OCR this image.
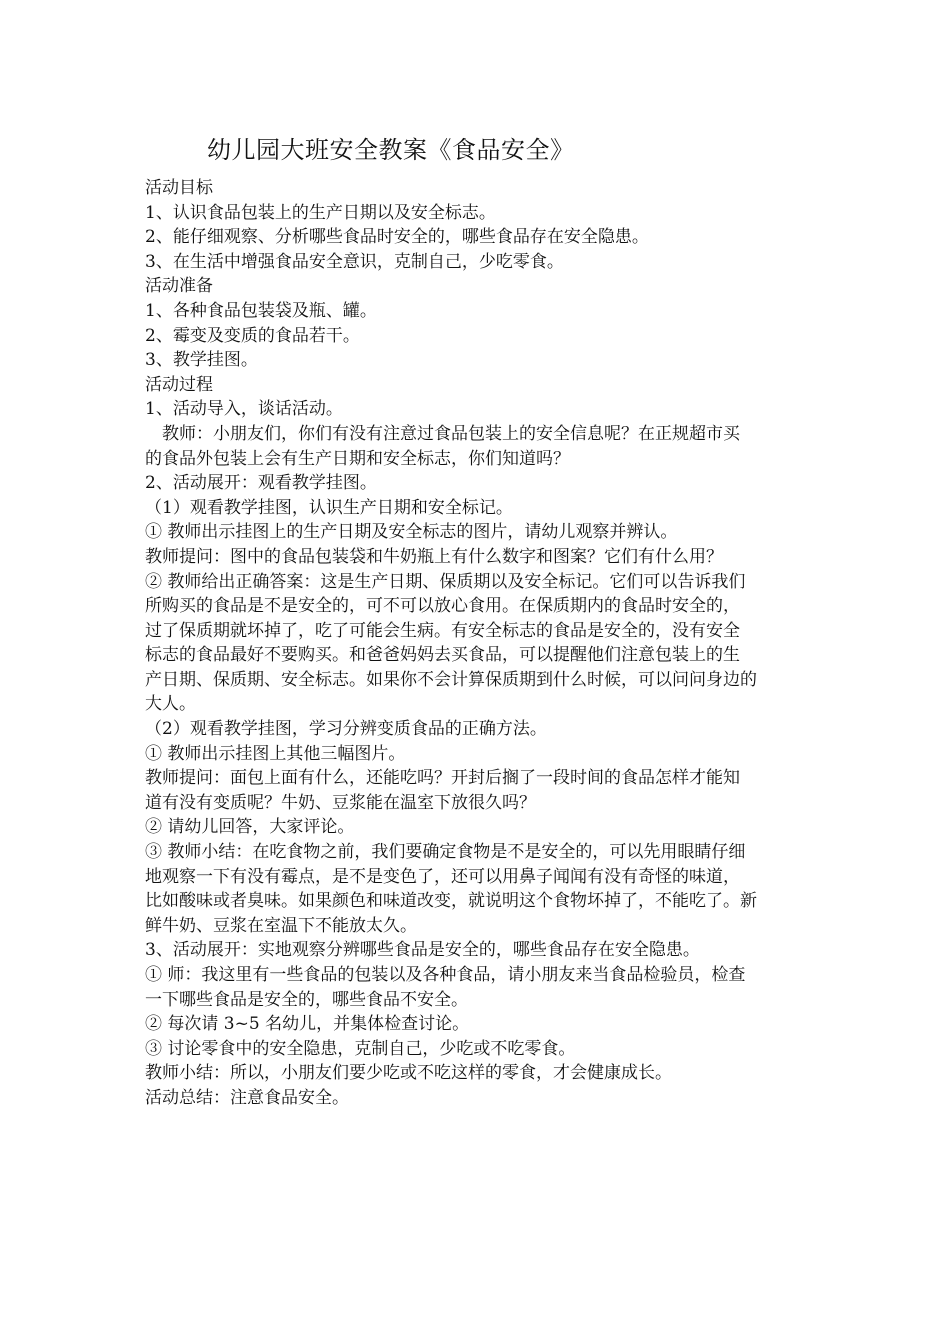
幼儿园大班安全教案《食品安全》
活动目标
1、认识食品包装上的生产日期以及安全标志。
2、能仔细观察、分析哪些食品时安全的，哪些食品存在安全隐患。
3、在生活中增强食品安全意识，克制自己，少吃零食。
活动准备
1、各种食品包装袋及瓶、罐。
2、霉变及变质的食品若干。
3、教学挂图。
活动过程
1、活动导入，谈话活动。
　教师：小朋友们，你们有没有注意过食品包装上的安全信息呢？在正规超市买
的食品外包装上会有生产日期和安全标志，你们知道吗？
2、活动展开：观看教学挂图。
（1）观看教学挂图，认识生产日期和安全标记。
① 教师出示挂图上的生产日期及安全标志的图片，请幼儿观察并辨认。
教师提问：图中的食品包装袋和牛奶瓶上有什么数字和图案？它们有什么用？
② 教师给出正确答案：这是生产日期、保质期以及安全标记。它们可以告诉我们
所购买的食品是不是安全的，可不可以放心食用。在保质期内的食品时安全的，
过了保质期就坏掉了，吃了可能会生病。有安全标志的食品是安全的，没有安全
标志的食品最好不要购买。和爸爸妈妈去买食品，可以提醒他们注意包装上的生
产日期、保质期、安全标志。如果你不会计算保质期到什么时候，可以问问身边的
大人。
（2）观看教学挂图，学习分辨变质食品的正确方法。
① 教师出示挂图上其他三幅图片。
教师提问：面包上面有什么，还能吃吗？开封后搁了一段时间的食品怎样才能知
道有没有变质呢？牛奶、豆浆能在温室下放很久吗？
② 请幼儿回答，大家评论。
③ 教师小结：在吃食物之前，我们要确定食物是不是安全的，可以先用眼睛仔细
地观察一下有没有霉点，是不是变色了，还可以用鼻子闻闻有没有奇怪的味道，
比如酸味或者臭味。如果颜色和味道改变，就说明这个食物坏掉了，不能吃了。新
鲜牛奶、豆浆在室温下不能放太久。
3、活动展开：实地观察分辨哪些食品是安全的，哪些食品存在安全隐患。
① 师：我这里有一些食品的包装以及各种食品，请小朋友来当食品检验员，检查
一下哪些食品是安全的，哪些食品不安全。
② 每次请 3~5 名幼儿，并集体检查讨论。
③ 讨论零食中的安全隐患，克制自己，少吃或不吃零食。
教师小结：所以，小朋友们要少吃或不吃这样的零食，才会健康成长。
活动总结：注意食品安全。
